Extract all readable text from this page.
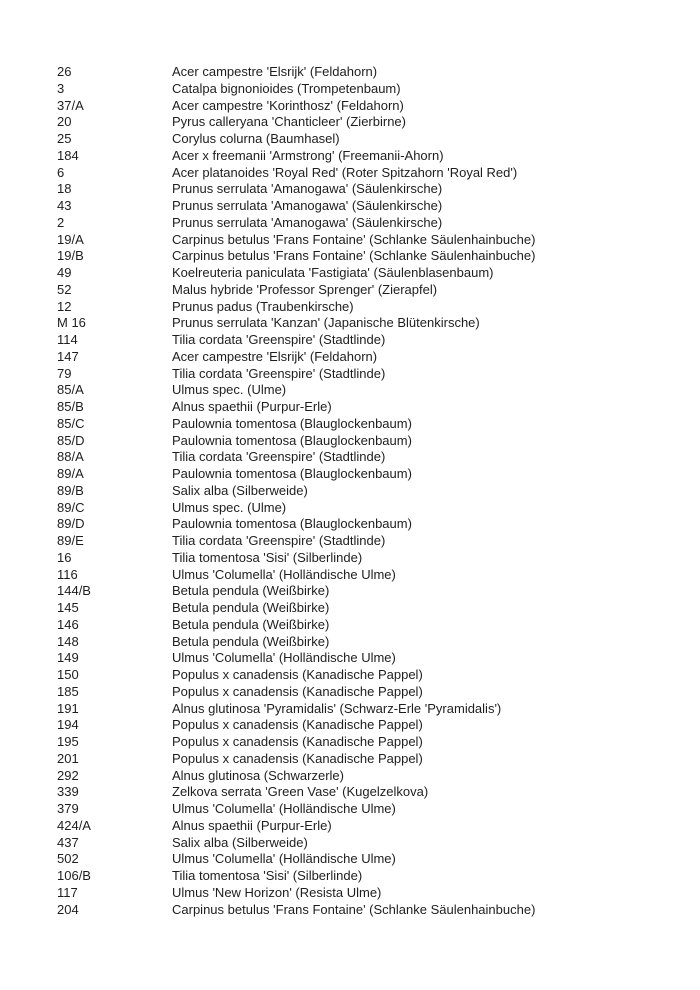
26	Acer campestre 'Elsrijk' (Feldahorn)
3	Catalpa bignonioides (Trompetenbaum)
37/A	Acer campestre 'Korinthosz' (Feldahorn)
20	Pyrus calleryana 'Chanticleer' (Zierbirne)
25	Corylus colurna (Baumhasel)
184	Acer x freemanii 'Armstrong' (Freemanii-Ahorn)
6	Acer platanoides 'Royal Red' (Roter Spitzahorn 'Royal Red')
18	Prunus serrulata 'Amanogawa' (Säulenkirsche)
43	Prunus serrulata 'Amanogawa' (Säulenkirsche)
2	Prunus serrulata 'Amanogawa' (Säulenkirsche)
19/A	Carpinus betulus 'Frans Fontaine' (Schlanke Säulenhainbuche)
19/B	Carpinus betulus 'Frans Fontaine' (Schlanke Säulenhainbuche)
49	Koelreuteria paniculata 'Fastigiata' (Säulenblasenbaum)
52	Malus hybride 'Professor Sprenger' (Zierapfel)
12	Prunus padus (Traubenkirsche)
M 16	Prunus serrulata 'Kanzan' (Japanische Blütenkirsche)
114	Tilia cordata 'Greenspire' (Stadtlinde)
147	Acer campestre 'Elsrijk' (Feldahorn)
79	Tilia cordata 'Greenspire' (Stadtlinde)
85/A	Ulmus spec. (Ulme)
85/B	Alnus spaethii (Purpur-Erle)
85/C	Paulownia tomentosa (Blauglockenbaum)
85/D	Paulownia tomentosa (Blauglockenbaum)
88/A	Tilia cordata 'Greenspire' (Stadtlinde)
89/A	Paulownia tomentosa (Blauglockenbaum)
89/B	Salix alba (Silberweide)
89/C	Ulmus spec. (Ulme)
89/D	Paulownia tomentosa (Blauglockenbaum)
89/E	Tilia cordata 'Greenspire' (Stadtlinde)
16	Tilia tomentosa 'Sisi' (Silberlinde)
116	Ulmus 'Columella' (Holländische Ulme)
144/B	Betula pendula (Weißbirke)
145	Betula pendula (Weißbirke)
146	Betula pendula (Weißbirke)
148	Betula pendula (Weißbirke)
149	Ulmus 'Columella' (Holländische Ulme)
150	Populus x canadensis (Kanadische Pappel)
185	Populus x canadensis (Kanadische Pappel)
191	Alnus glutinosa 'Pyramidalis' (Schwarz-Erle 'Pyramidalis')
194	Populus x canadensis (Kanadische Pappel)
195	Populus x canadensis (Kanadische Pappel)
201	Populus x canadensis (Kanadische Pappel)
292	Alnus glutinosa (Schwarzerle)
339	Zelkova serrata 'Green Vase' (Kugelzelkova)
379	Ulmus 'Columella' (Holländische Ulme)
424/A	Alnus spaethii (Purpur-Erle)
437	Salix alba (Silberweide)
502	Ulmus 'Columella' (Holländische Ulme)
106/B	Tilia tomentosa 'Sisi' (Silberlinde)
117	Ulmus 'New Horizon' (Resista Ulme)
204	Carpinus betulus 'Frans Fontaine' (Schlanke Säulenhainbuche)
